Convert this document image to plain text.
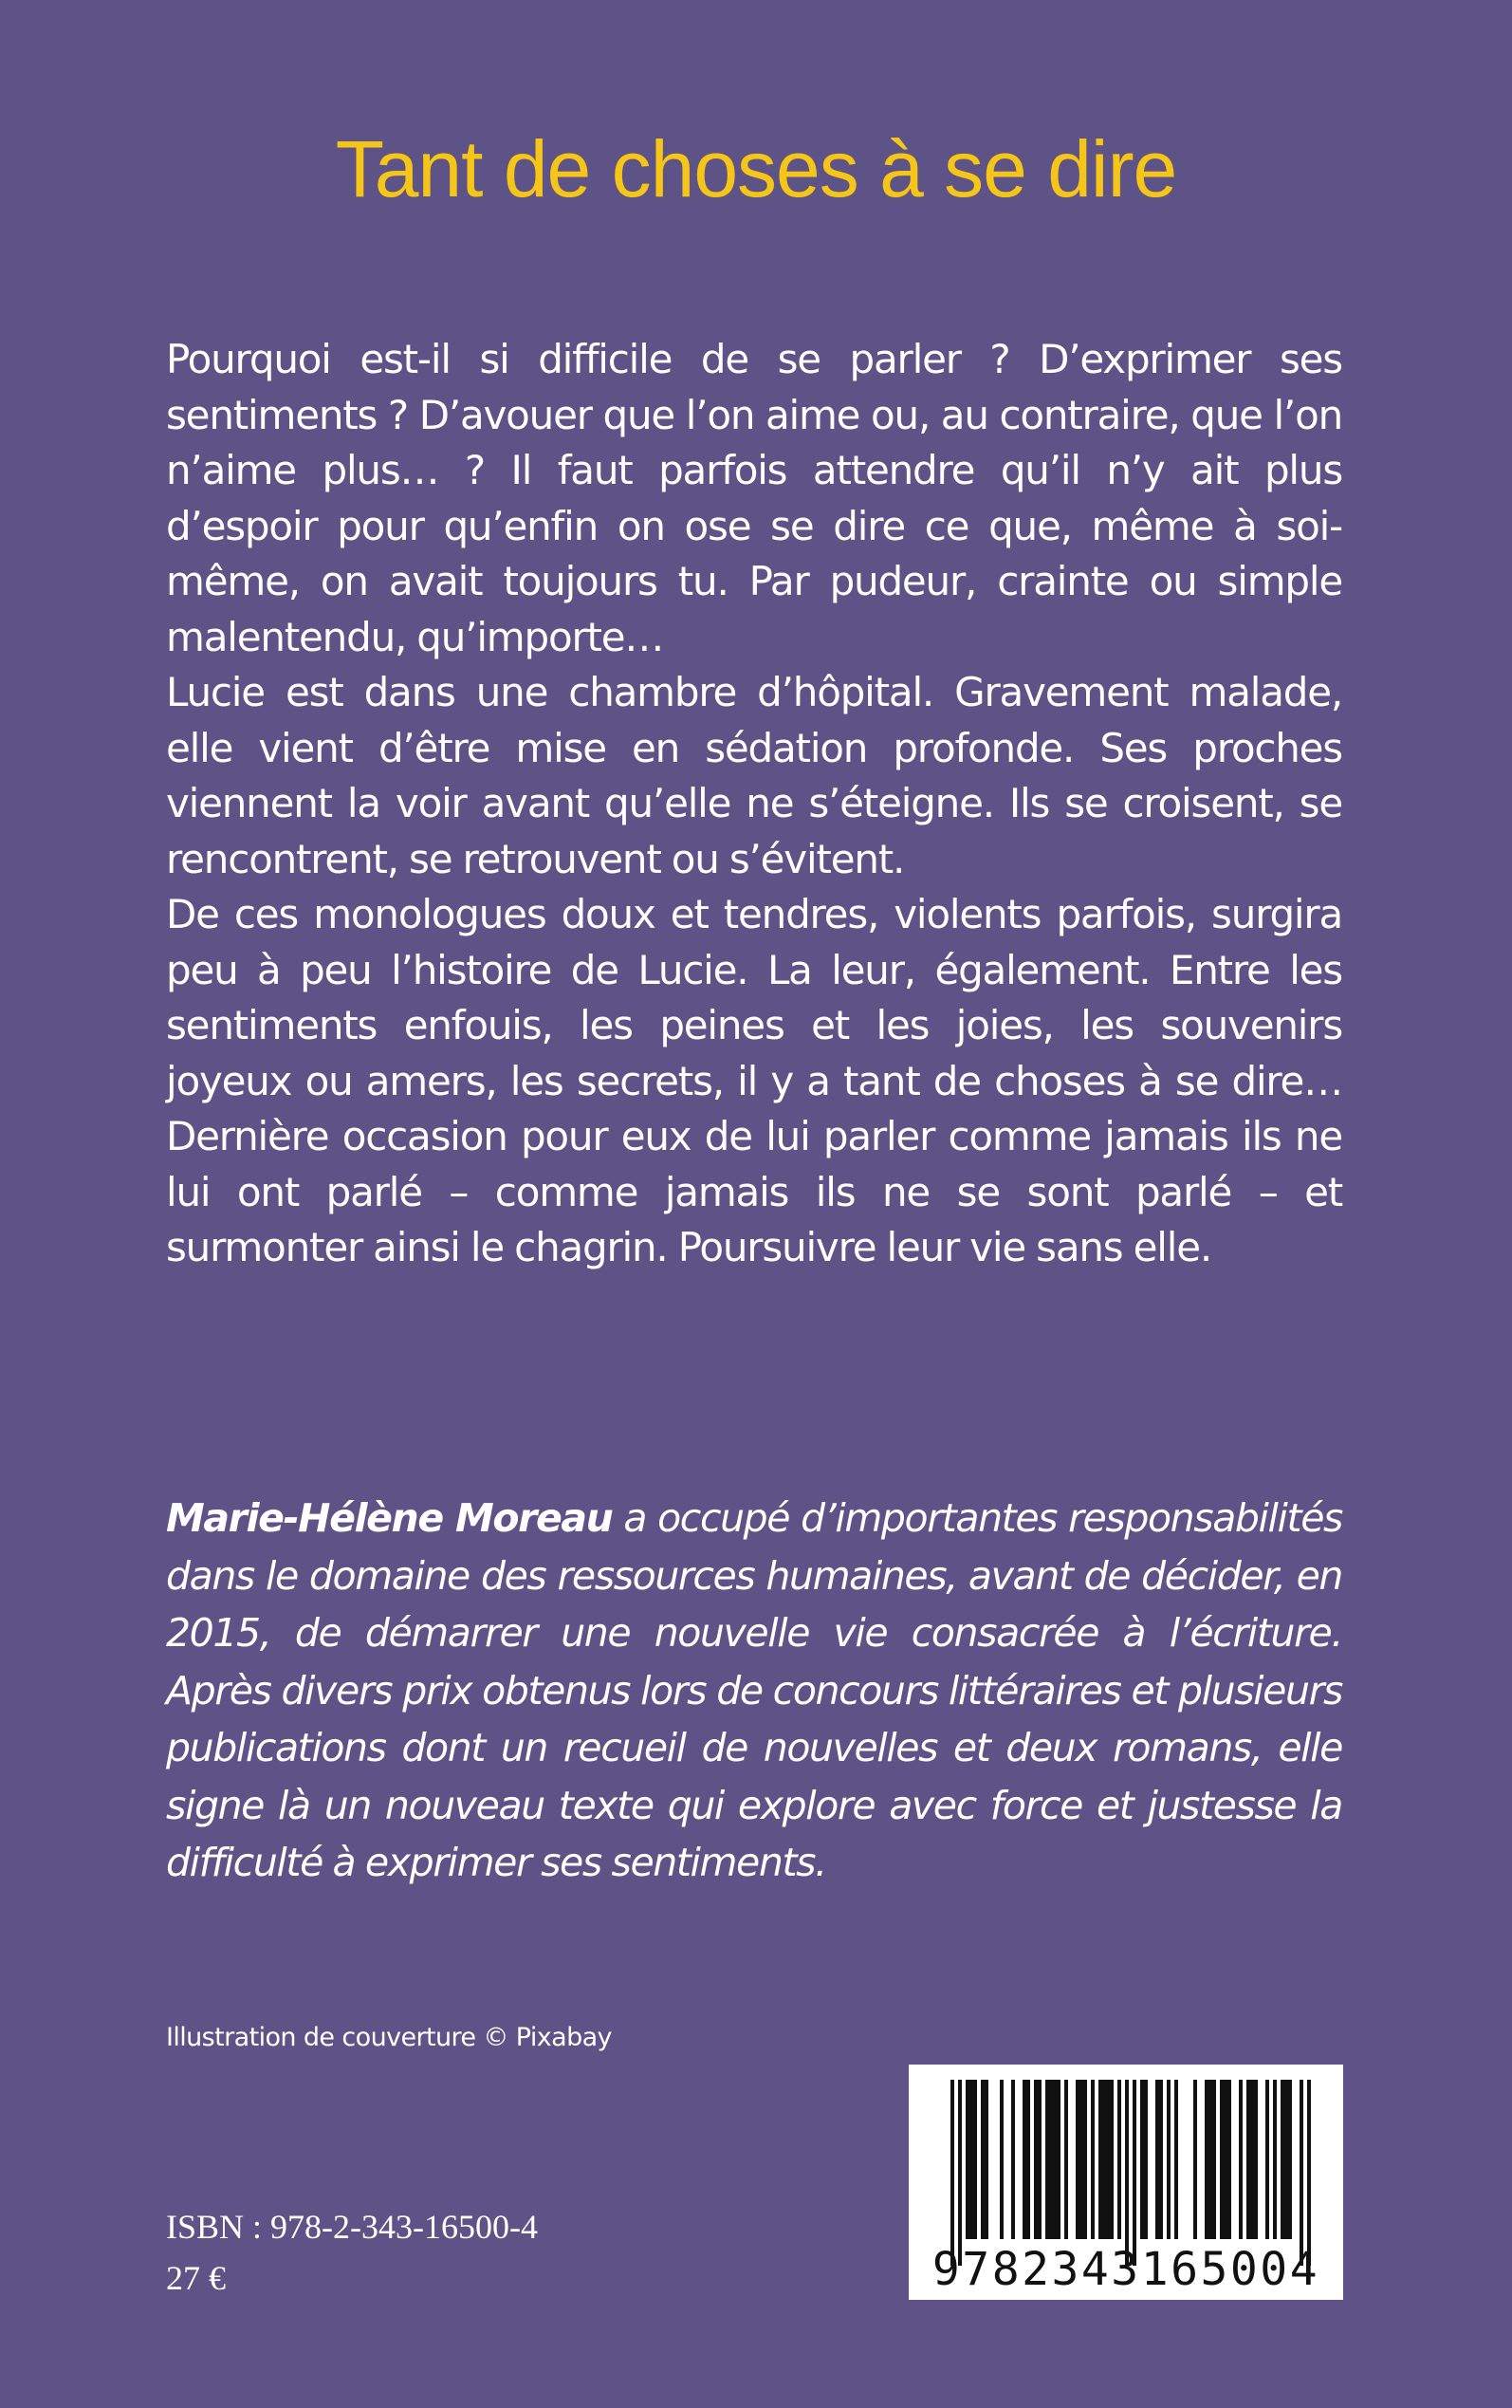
Tant de choses à se dire

Pourquoi est-il si difficile de se parler ? D’exprimer ses sentiments ? D’avouer que l’on aime ou, au contraire, que l’on n’aime plus… ? Il faut parfois attendre qu’il n’y ait plus d’espoir pour qu’enfin on ose se dire ce que, même à soi-même, on avait toujours tu. Par pudeur, crainte ou simple malentendu, qu’importe…

Lucie est dans une chambre d’hôpital. Gravement malade, elle vient d’être mise en sédation profonde. Ses proches viennent la voir avant qu’elle ne s’éteigne. Ils se croisent, se rencontrent, se retrouvent ou s’évitent.

De ces monologues doux et tendres, violents parfois, surgira peu à peu l’histoire de Lucie. La leur, également. Entre les sentiments enfouis, les peines et les joies, les souvenirs joyeux ou amers, les secrets, il y a tant de choses à se dire… Dernière occasion pour eux de lui parler comme jamais ils ne lui ont parlé – comme jamais ils ne se sont parlé – et surmonter ainsi le chagrin. Poursuivre leur vie sans elle.

Marie-Hélène Moreau a occupé d’importantes responsabilités dans le domaine des ressources humaines, avant de décider, en 2015, de démarrer une nouvelle vie consacrée à l’écriture. Après divers prix obtenus lors de concours littéraires et plusieurs publications dont un recueil de nouvelles et deux romans, elle signe là un nouveau texte qui explore avec force et justesse la difficulté à exprimer ses sentiments.
Illustration de couverture © Pixabay
ISBN : 978-2-343-16500-4
27 €	9782343165004
